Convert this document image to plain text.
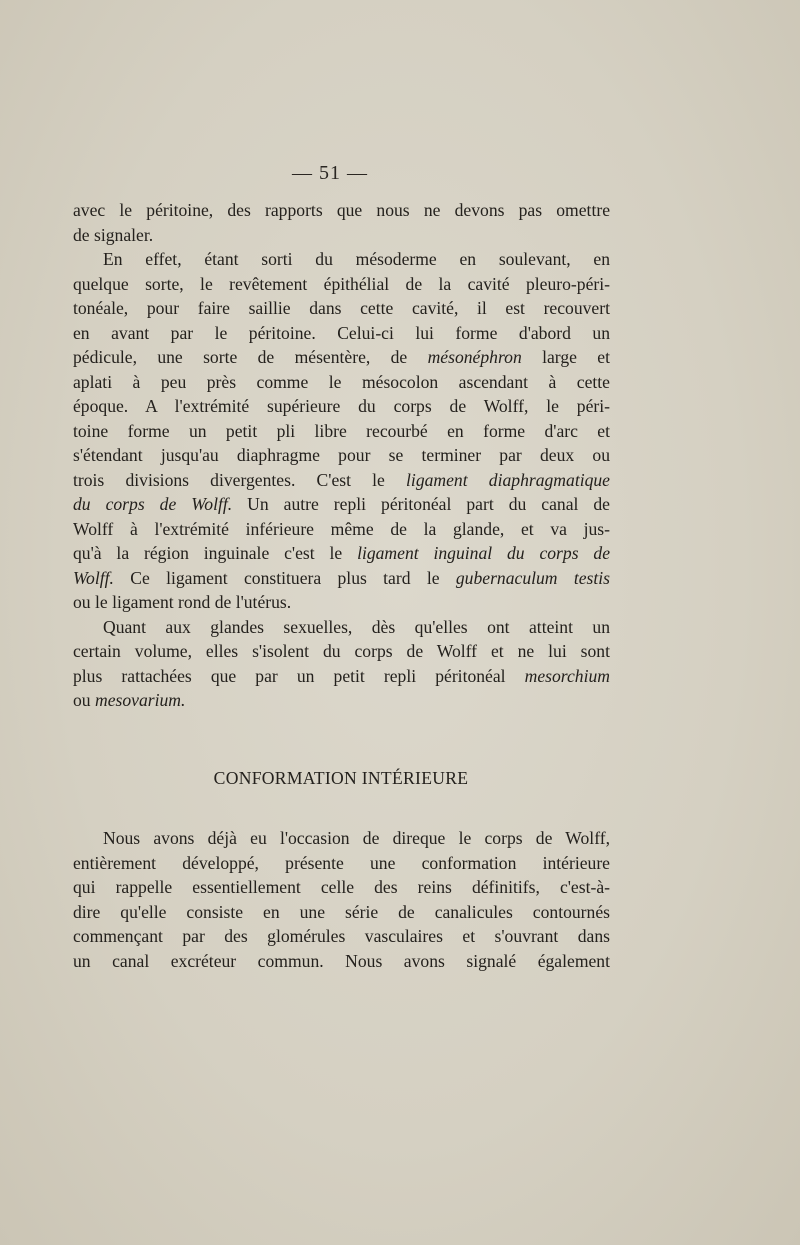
— 51 —
avec le péritoine, des rapports que nous ne devons pas omettre
de signaler.
En effet, étant sorti du mésoderme en soulevant, en
quelque sorte, le revêtement épithélial de la cavité pleuro-péri-
tonéale, pour faire saillie dans cette cavité, il est recouvert
en avant par le péritoine. Celui-ci lui forme d'abord un
pédicule, une sorte de mésentère, de mésonéphron large et
aplati à peu près comme le mésocolon ascendant à cette
époque. A l'extrémité supérieure du corps de Wolff, le péri-
toine forme un petit pli libre recourbé en forme d'arc et
s'étendant jusqu'au diaphragme pour se terminer par deux ou
trois divisions divergentes. C'est le ligament diaphragmatique
du corps de Wolff. Un autre repli péritonéal part du canal de
Wolff à l'extrémité inférieure même de la glande, et va jus-
qu'à la région inguinale c'est le ligament inguinal du corps de
Wolff. Ce ligament constituera plus tard le gubernaculum testis
ou le ligament rond de l'utérus.
Quant aux glandes sexuelles, dès qu'elles ont atteint un
certain volume, elles s'isolent du corps de Wolff et ne lui sont
plus rattachées que par un petit repli péritonéal mesorchium
ou mesovarium.
CONFORMATION INTÉRIEURE
Nous avons déjà eu l'occasion de direque le corps de Wolff,
entièrement développé, présente une conformation intérieure
qui rappelle essentiellement celle des reins définitifs, c'est-à-
dire qu'elle consiste en une série de canalicules contournés
commençant par des glomérules vasculaires et s'ouvrant dans
un canal excréteur commun. Nous avons signalé également
